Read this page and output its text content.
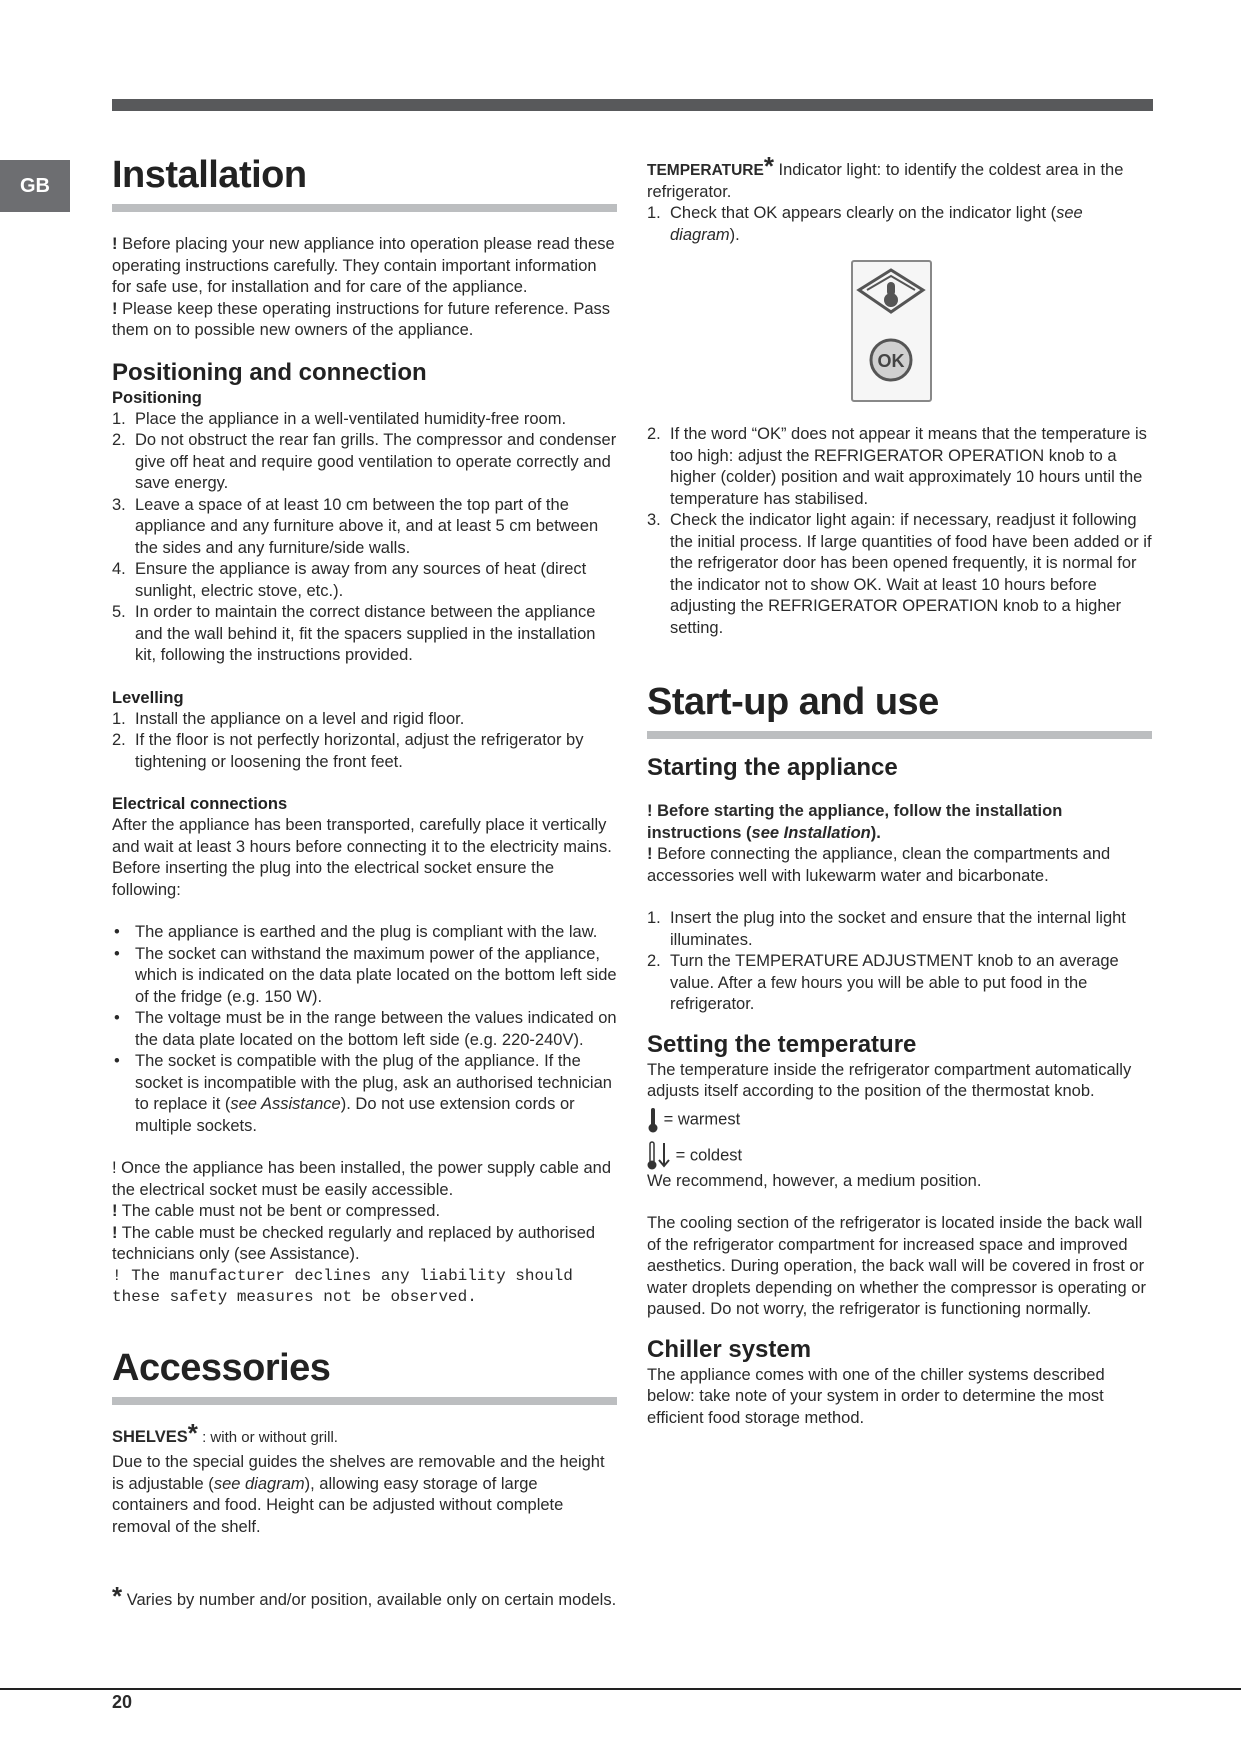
GB	Installation

! Before placing your new appliance into operation please read these operating instructions carefully. They contain important information for safe use, for installation and for care of the appliance.

! Please keep these operating instructions for future reference. Pass them on to possible new owners of the appliance.

Positioning and connection
Positioning
1. Place the appliance in a well-ventilated humidity-free room.
2. Do not obstruct the rear fan grills. The compressor and condenser give off heat and require good ventilation to operate correctly and save energy.
3. Leave a space of at least 10 cm between the top part of the appliance and any furniture above it, and at least 5 cm between the sides and any furniture/side walls.
4. Ensure the appliance is away from any sources of heat (direct sunlight, electric stove, etc.).
5. In order to maintain the correct distance between the appliance and the wall behind it, fit the spacers supplied in the installation kit, following the instructions provided.
Levelling
1. Install the appliance on a level and rigid floor.
2. If the floor is not perfectly horizontal, adjust the refrigerator by tightening or loosening the front feet.
Electrical connections

After the appliance has been transported, carefully place it vertically and wait at least 3 hours before connecting it to the electricity mains. Before inserting the plug into the electrical socket ensure the following:

• The appliance is earthed and the plug is compliant with the law.
• The socket can withstand the maximum power of the appliance, which is indicated on the data plate located on the bottom left side of the fridge (e.g. 150 W).
• The voltage must be in the range between the values indicated on the data plate located on the bottom left side (e.g. 220-240V).
• The socket is compatible with the plug of the appliance. If the socket is incompatible with the plug, ask an authorised technician to replace it (see Assistance). Do not use extension cords or multiple sockets.

! Once the appliance has been installed, the power supply cable and the electrical socket must be easily accessible.

! The cable must not be bent or compressed.

! The cable must be checked regularly and replaced by authorised technicians only (see Assistance).

! The manufacturer declines any liability should these safety measures not be observed.

Accessories

SHELVES* : with or without grill.

Due to the special guides the shelves are removable and the height is adjustable (see diagram), allowing easy storage of large containers and food. Height can be adjusted without complete removal of the shelf.

* Varies by number and/or position, available only on certain models.

TEMPERATURE* Indicator light: to identify the coldest area in the refrigerator.

1. Check that OK appears clearly on the indicator light (see diagram).
OK
2. If the word “OK” does not appear it means that the temperature is too high: adjust the REFRIGERATOR OPERATION knob to a higher (colder) position and wait approximately 10 hours until the temperature has stabilised.
3. Check the indicator light again: if necessary, readjust it following the initial process. If large quantities of food have been added or if the refrigerator door has been opened frequently, it is normal for the indicator not to show OK. Wait at least 10 hours before adjusting the REFRIGERATOR OPERATION knob to a higher setting.
Start-up and use
Starting the appliance

! Before starting the appliance, follow the installation instructions (see Installation).

! Before connecting the appliance, clean the compartments and accessories well with lukewarm water and bicarbonate.

1. Insert the plug into the socket and ensure that the internal light illuminates.
2. Turn the TEMPERATURE ADJUSTMENT knob to an average value. After a few hours you will be able to put food in the refrigerator.
Setting the temperature

The temperature inside the refrigerator compartment automatically adjusts itself according to the position of the thermostat knob.

= warmest

= coldest

We recommend, however, a medium position.

The cooling section of the refrigerator is located inside the back wall of the refrigerator compartment for increased space and improved aesthetics. During operation, the back wall will be covered in frost or water droplets depending on whether the compressor is operating or paused. Do not worry, the refrigerator is functioning normally.

Chiller system

The appliance comes with one of the chiller systems described below: take note of your system in order to determine the most efficient food storage method.

20
